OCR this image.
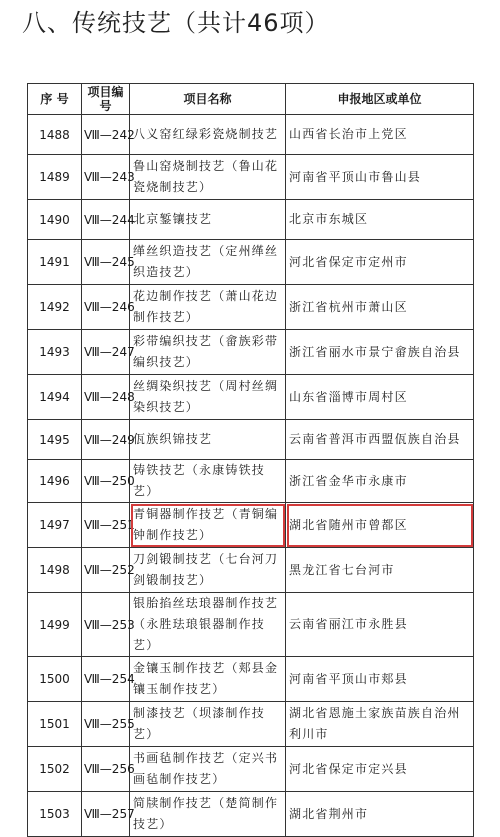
八、传统技艺（共计46项）
序 号	项目编号	项目名称	申报地区或单位
1488	Ⅷ—242	八义窑红绿彩瓷烧制技艺	山西省长治市上党区
1489	Ⅷ—243	鲁山窑烧制技艺（鲁山花瓷烧制技艺）	河南省平顶山市鲁山县
1490	Ⅷ—244	北京錾镶技艺	北京市东城区
1491	Ⅷ—245	缂丝织造技艺（定州缂丝织造技艺）	河北省保定市定州市
1492	Ⅷ—246	花边制作技艺（萧山花边制作技艺）	浙江省杭州市萧山区
1493	Ⅷ—247	彩带编织技艺（畲族彩带编织技艺）	浙江省丽水市景宁畲族自治县
1494	Ⅷ—248	丝绸染织技艺（周村丝绸染织技艺）	山东省淄博市周村区
1495	Ⅷ—249	佤族织锦技艺	云南省普洱市西盟佤族自治县
1496	Ⅷ—250	铸铁技艺（永康铸铁技艺）	浙江省金华市永康市
1497	Ⅷ—251	青铜器制作技艺（青铜编钟制作技艺）	湖北省随州市曾都区
1498	Ⅷ—252	刀剑锻制技艺（七台河刀剑锻制技艺）	黑龙江省七台河市
1499	Ⅷ—253	银胎掐丝珐琅器制作技艺（永胜珐琅银器制作技艺）	云南省丽江市永胜县
1500	Ⅷ—254	金镶玉制作技艺（郏县金镶玉制作技艺）	河南省平顶山市郏县
1501	Ⅷ—255	制漆技艺（坝漆制作技艺）	湖北省恩施土家族苗族自治州利川市
1502	Ⅷ—256	书画毡制作技艺（定兴书画毡制作技艺）	河北省保定市定兴县
1503	Ⅷ—257	简牍制作技艺（楚简制作技艺）	湖北省荆州市
